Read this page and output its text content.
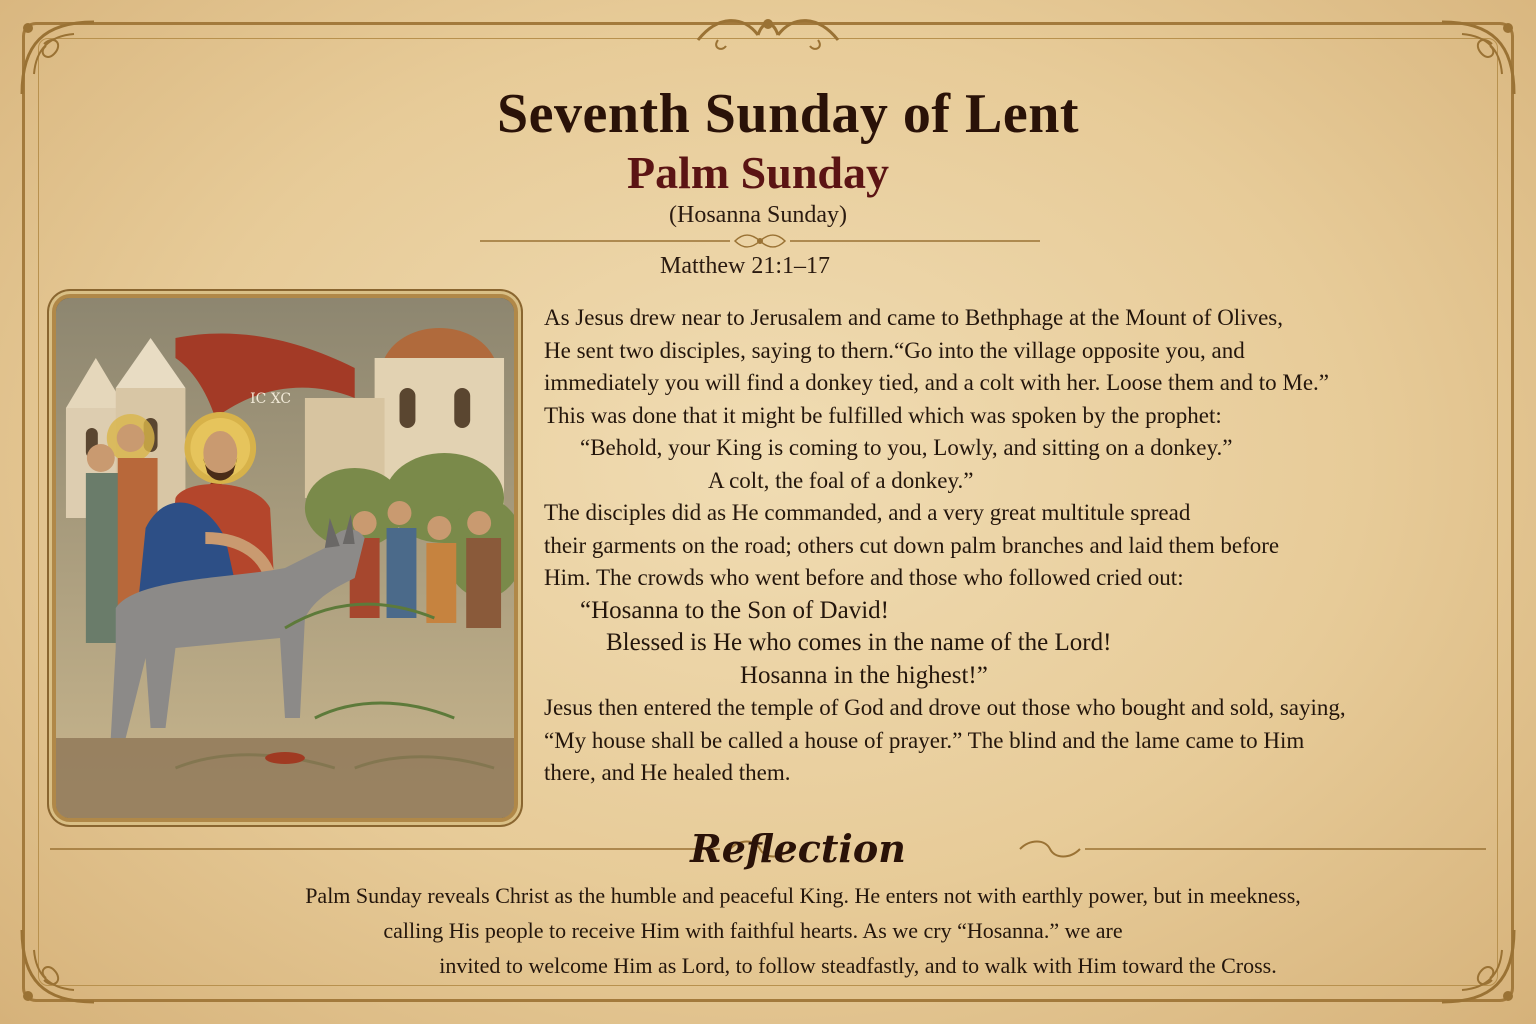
Seventh Sunday of Lent
Palm Sunday
(Hosanna Sunday)
Matthew 21:1–17
IC XC
As Jesus drew near to Jerusalem and came to Bethphage at the Mount of Olives,
He sent two disciples, saying to thern.“Go into the village opposite you, and
immediately you will find a donkey tied, and a colt with her. Loose them and to Me.”
This was done that it might be fulfilled which was spoken by the prophet:
“Behold, your King is coming to you, Lowly, and sitting on a donkey.”
A colt, the foal of a donkey.”
The disciples did as He commanded, and a very great multitule spread
their garments on the road; others cut down palm branches and laid them before
Him. The crowds who went before and those who followed cried out:
“Hosanna to the Son of David!
Blessed is He who comes in the name of the Lord!
Hosanna in the highest!”
Jesus then entered the temple of God and drove out those who bought and sold, saying,
“My house shall be called a house of prayer.” The blind and the lame came to Him
there, and He healed them.
Reflection
Palm Sunday reveals Christ as the humble and peaceful King. He enters not with earthly power, but in meekness,
calling His people to receive Him with faithful hearts. As we cry “Hosanna.” we are
invited to welcome Him as Lord, to follow steadfastly, and to walk with Him toward the Cross.
